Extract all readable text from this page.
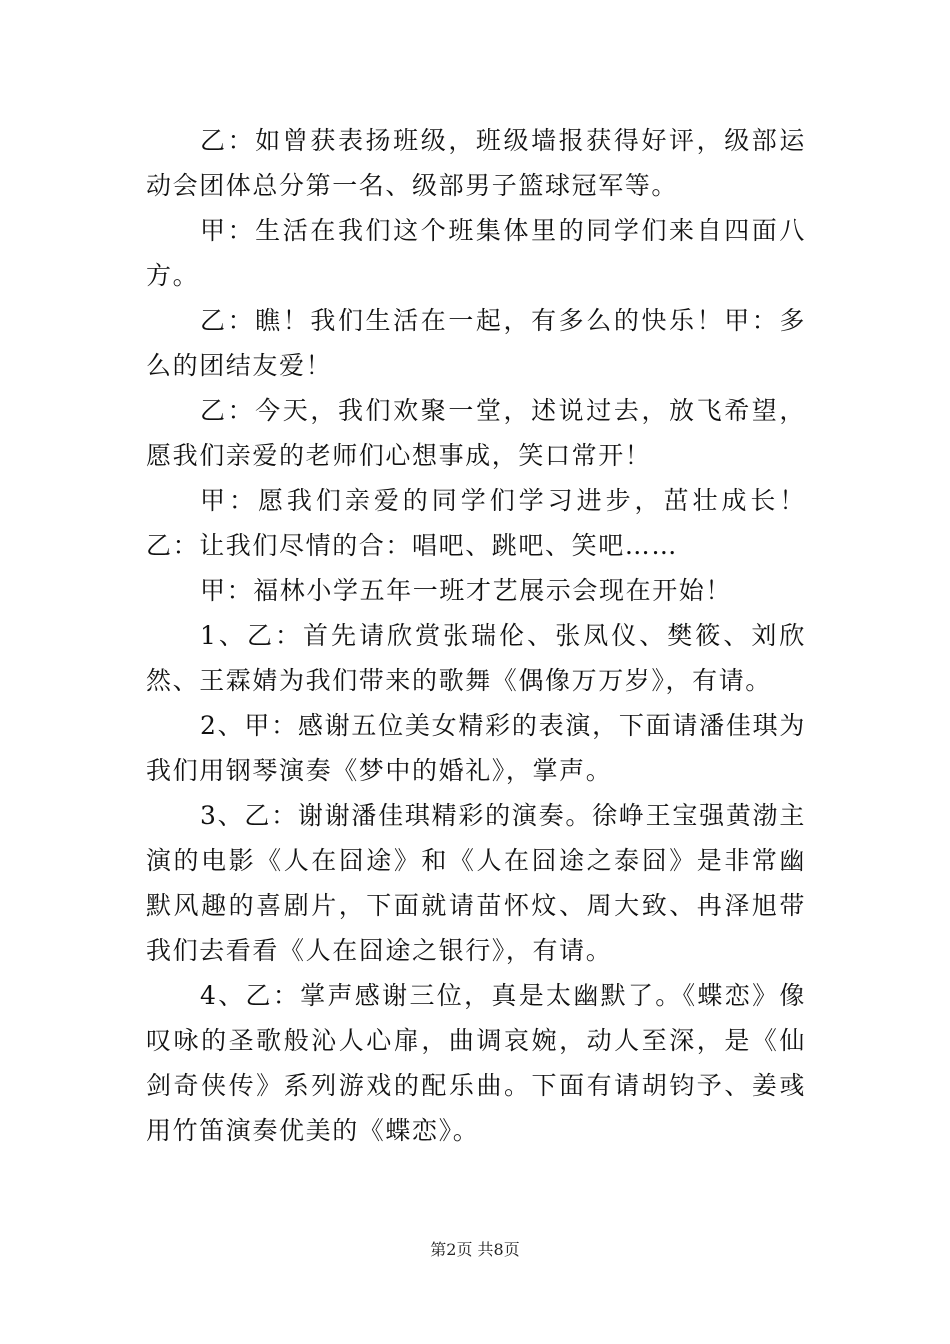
乙：如曾获表扬班级，班级墙报获得好评，级部运动会团体总分第一名、级部男子篮球冠军等。

甲：生活在我们这个班集体里的同学们来自四面八方。

乙：瞧！我们生活在一起，有多么的快乐！甲：多么的团结友爱！

乙：今天，我们欢聚一堂，述说过去，放飞希望，愿我们亲爱的老师们心想事成，笑口常开！

甲：愿我们亲爱的同学们学习进步，茁壮成长！乙：让我们尽情的合：唱吧、跳吧、笑吧……

甲：福林小学五年一班才艺展示会现在开始！

1、乙：首先请欣赏张瑞伦、张凤仪、樊筱、刘欣然、王霖婧为我们带来的歌舞《偶像万万岁》，有请。

2、甲：感谢五位美女精彩的表演，下面请潘佳琪为我们用钢琴演奏《梦中的婚礼》，掌声。

3、乙：谢谢潘佳琪精彩的演奏。徐峥王宝强黄渤主演的电影《人在囧途》和《人在囧途之泰囧》是非常幽默风趣的喜剧片，下面就请苗怀炆、周大致、冉泽旭带我们去看看《人在囧途之银行》，有请。

4、乙：掌声感谢三位，真是太幽默了。《蝶恋》像叹咏的圣歌般沁人心扉，曲调哀婉，动人至深，是《仙剑奇侠传》系列游戏的配乐曲。下面有请胡钧予、姜彧用竹笛演奏优美的《蝶恋》。

第2页 共8页
